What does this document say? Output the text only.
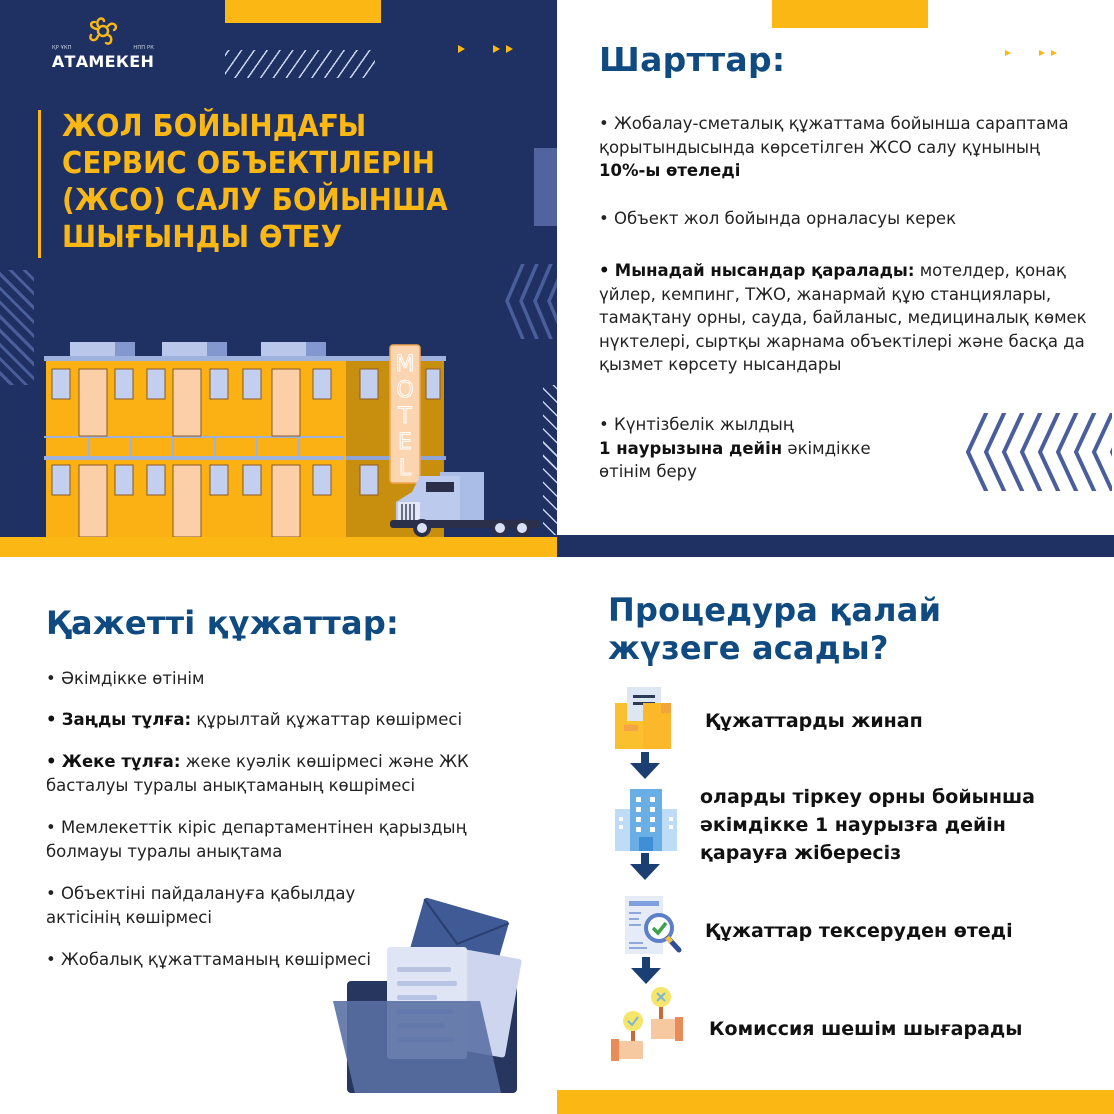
ҚР ҰКП	НПП РК
АТАМЕКЕН
ЖОЛ БОЙЫНДАҒЫ
СЕРВИС ОБЪЕКТІЛЕРІН
(ЖСО) САЛУ БОЙЫНША
ШЫҒЫНДЫ ӨТЕУ
M
O
T
E
L
Шарттар:

• Жобалау-сметалық құжаттама бойынша сараптама қорытындысында көрсетілген ЖСО салу құнының
10%-ы өтеледі

• Объект жол бойында орналасуы керек

• Мынадай нысандар қаралады: мотелдер, қонақ үйлер, кемпинг, ТЖО, жанармай құю станциялары, тамақтану орны, сауда, байланыс, медициналық көмек нүктелері, сыртқы жарнама объектілері және басқа да қызмет көрсету нысандары

• Күнтізбелік жылдың
1 наурызына дейін әкімдікке өтінім беру

Қажетті құжаттар:

• Әкімдікке өтінім

• Заңды тұлға: құрылтай құжаттар көшірмесі

• Жеке тұлға: жеке куәлік көшірмесі және ЖК басталуы туралы анықтаманың көшрімесі

• Мемлекеттік кіріс департаментінен қарыздың болмауы туралы анықтама

• Объектіні пайдалануға қабылдау актісінің көшірмесі

• Жобалық құжаттаманың көшірмесі

Процедура қалай
жүзеге асады?
Құжаттарды жинап
оларды тіркеу орны бойынша
әкімдікке 1 наурызға дейін
қарауға жібересіз
Құжаттар тексеруден өтеді
Комиссия шешім шығарады
